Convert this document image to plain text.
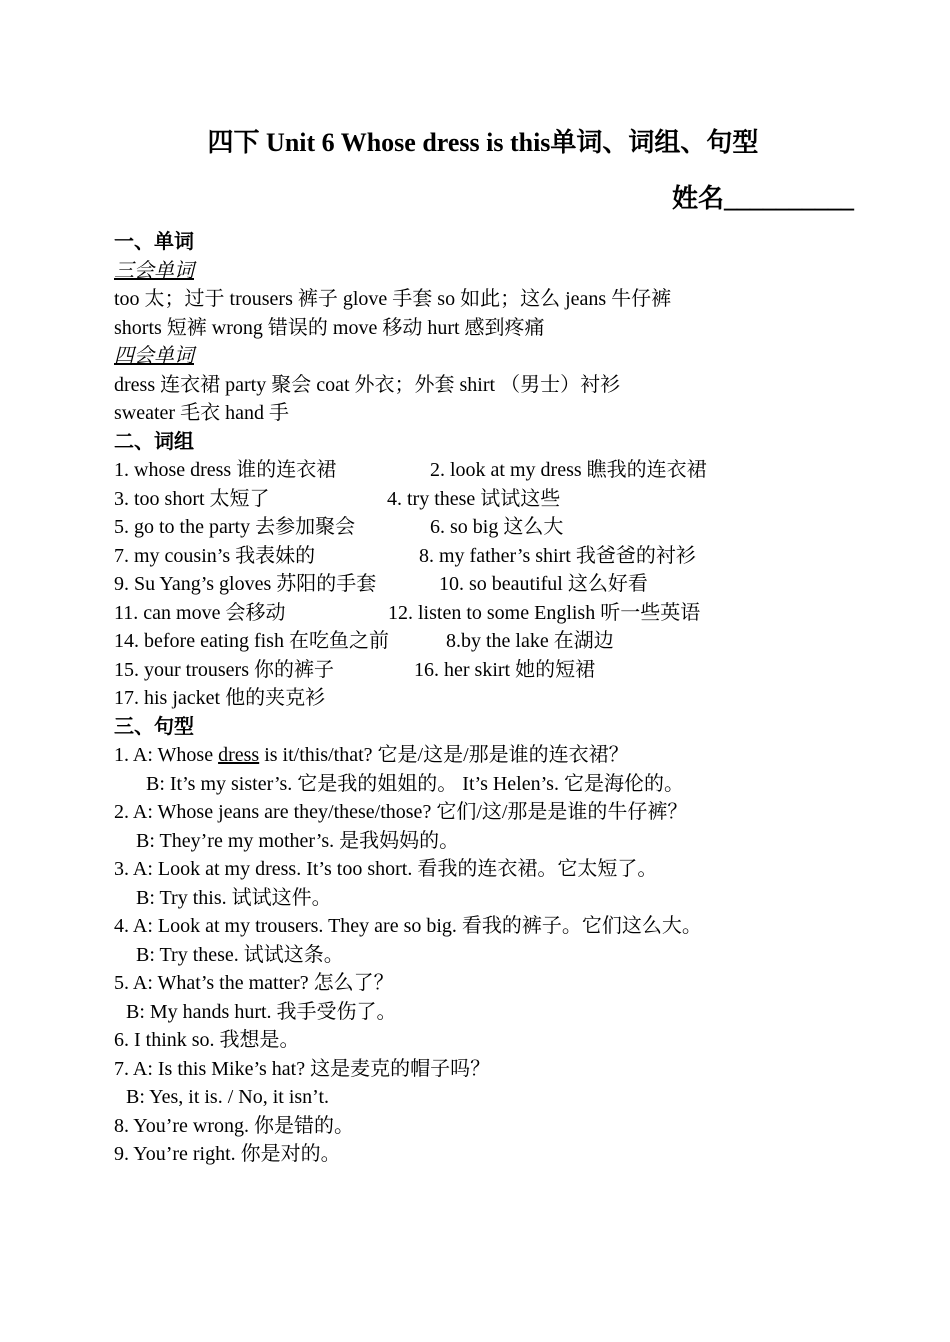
四下 Unit 6 Whose dress is this单词、词组、句型
姓名__________
一、单词
三会单词
too 太；过于 trousers 裤子 glove 手套 so 如此；这么 jeans 牛仔裤
shorts 短裤 wrong 错误的 move 移动 hurt 感到疼痛
四会单词
dress 连衣裙 party 聚会 coat 外衣；外套 shirt （男士）衬衫
sweater 毛衣 hand 手
二、词组
1. whose dress 谁的连衣裙	2. look at my dress 瞧我的连衣裙
3. too short 太短了	4. try these 试试这些
5. go to the party 去参加聚会	6. so big 这么大
7. my cousin’s 我表妹的	8. my father’s shirt 我爸爸的衬衫
9. Su Yang’s gloves 苏阳的手套	10. so beautiful 这么好看
11. can move 会移动	12. listen to some English 听一些英语
14. before eating fish 在吃鱼之前	8.by the lake 在湖边
15. your trousers 你的裤子	16. her skirt 她的短裙
17. his jacket 他的夹克衫
三、句型
1. A: Whose dress is it/this/that? 它是/这是/那是谁的连衣裙？
B: It’s my sister’s. 它是我的姐姐的。 It’s Helen’s. 它是海伦的。
2. A: Whose jeans are they/these/those? 它们/这/那是是谁的牛仔裤？
B: They’re my mother’s. 是我妈妈的。
3. A: Look at my dress. It’s too short. 看我的连衣裙。它太短了。
B: Try this. 试试这件。
4. A: Look at my trousers. They are so big. 看我的裤子。它们这么大。
B: Try these. 试试这条。
5. A: What’s the matter? 怎么了？
B: My hands hurt. 我手受伤了。
6. I think so. 我想是。
7. A: Is this Mike’s hat? 这是麦克的帽子吗？
B: Yes, it is. / No, it isn’t.
8. You’re wrong. 你是错的。
9. You’re right. 你是对的。
